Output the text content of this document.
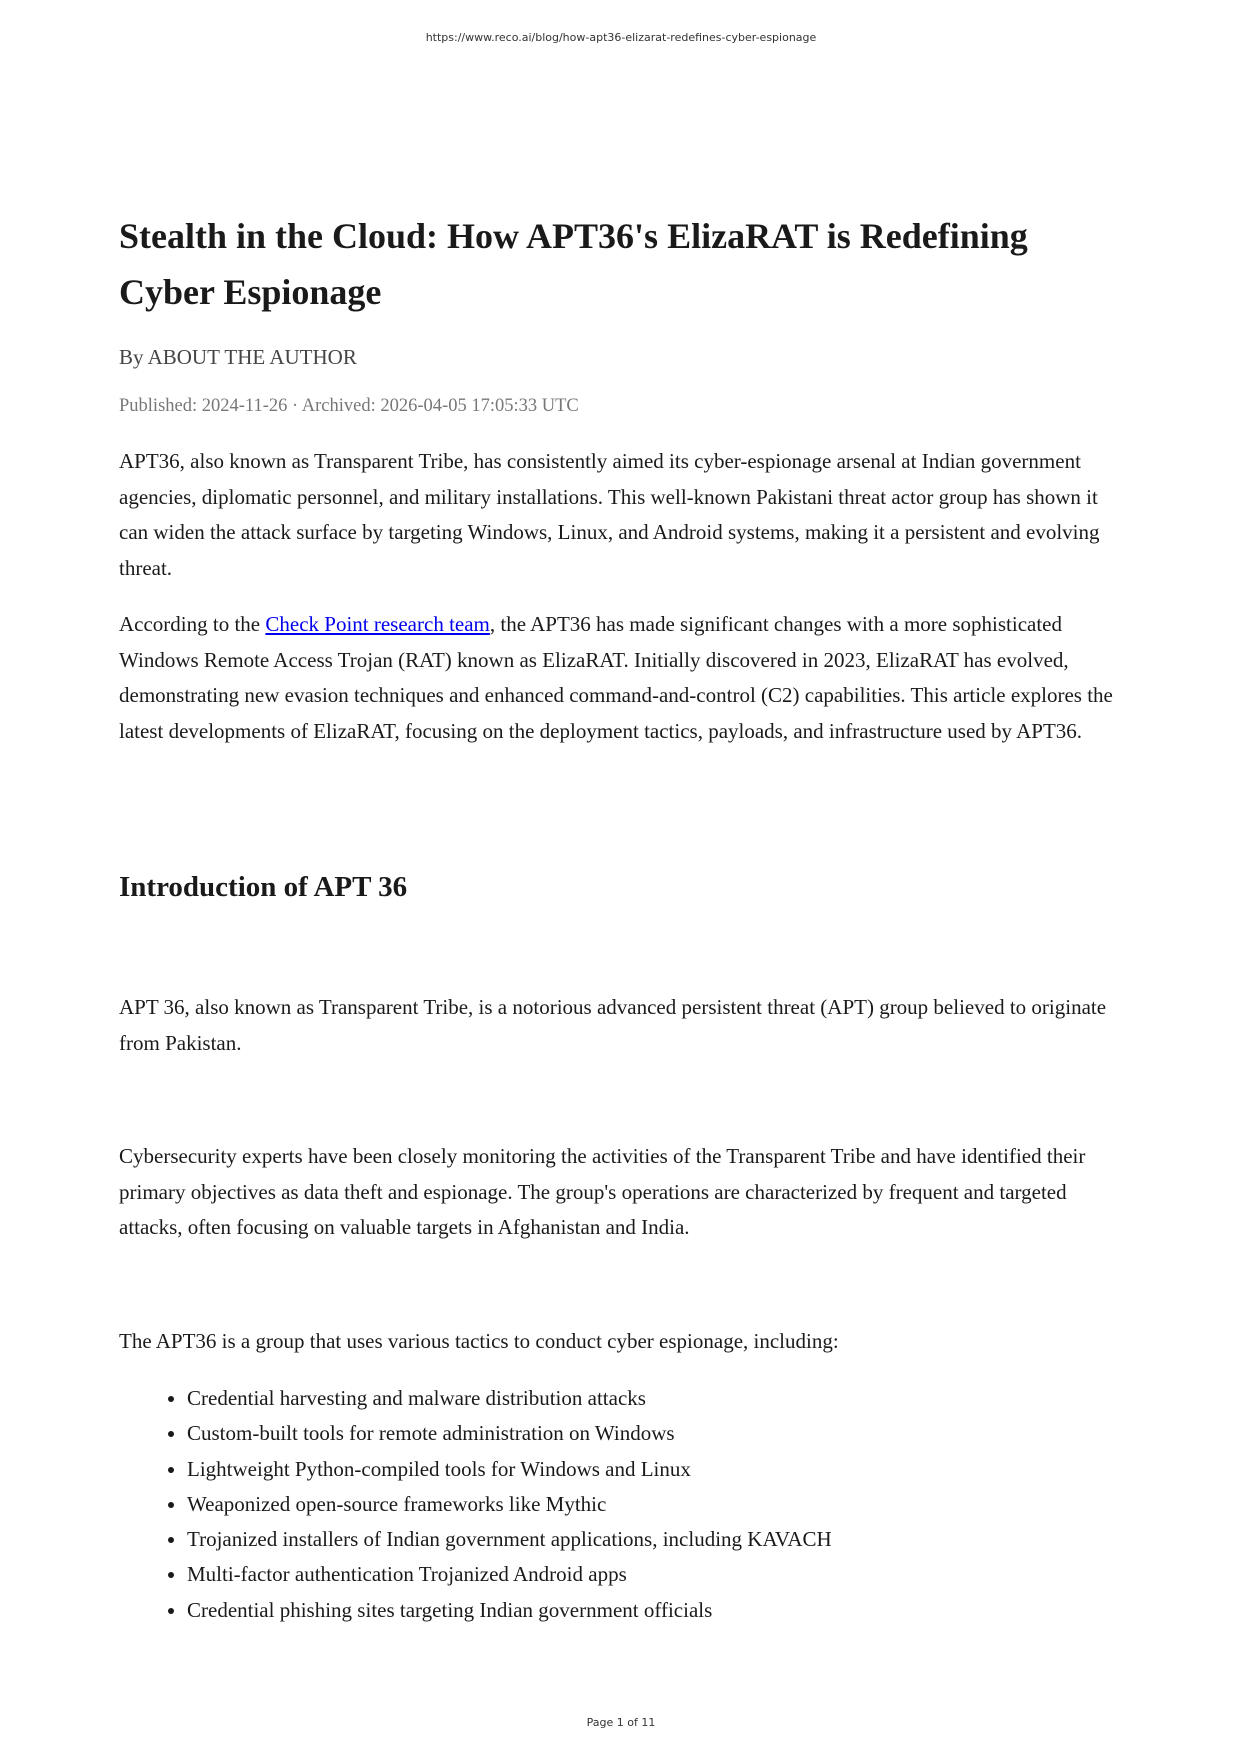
https://www.reco.ai/blog/how-apt36-elizarat-redefines-cyber-espionage
Stealth in the Cloud: How APT36's ElizaRAT is Redefining Cyber Espionage
By ABOUT THE AUTHOR
Published: 2024-11-26 · Archived: 2026-04-05 17:05:33 UTC

APT36, also known as Transparent Tribe, has consistently aimed its cyber-espionage arsenal at Indian government agencies, diplomatic personnel, and military installations. This well-known Pakistani threat actor group has shown it can widen the attack surface by targeting Windows, Linux, and Android systems, making it a persistent and evolving threat.

According to the Check Point research team, the APT36 has made significant changes with a more sophisticated Windows Remote Access Trojan (RAT) known as ElizaRAT. Initially discovered in 2023, ElizaRAT has evolved, demonstrating new evasion techniques and enhanced command-and-control (C2) capabilities. This article explores the latest developments of ElizaRAT, focusing on the deployment tactics, payloads, and infrastructure used by APT36.

Introduction of APT 36

APT 36, also known as Transparent Tribe, is a notorious advanced persistent threat (APT) group believed to originate from Pakistan.

Cybersecurity experts have been closely monitoring the activities of the Transparent Tribe and have identified their primary objectives as data theft and espionage. The group's operations are characterized by frequent and targeted attacks, often focusing on valuable targets in Afghanistan and India.

The APT36 is a group that uses various tactics to conduct cyber espionage, including:

• Credential harvesting and malware distribution attacks
• Custom-built tools for remote administration on Windows
• Lightweight Python-compiled tools for Windows and Linux
• Weaponized open-source frameworks like Mythic
• Trojanized installers of Indian government applications, including KAVACH
• Multi-factor authentication Trojanized Android apps
• Credential phishing sites targeting Indian government officials
Page 1 of 11
